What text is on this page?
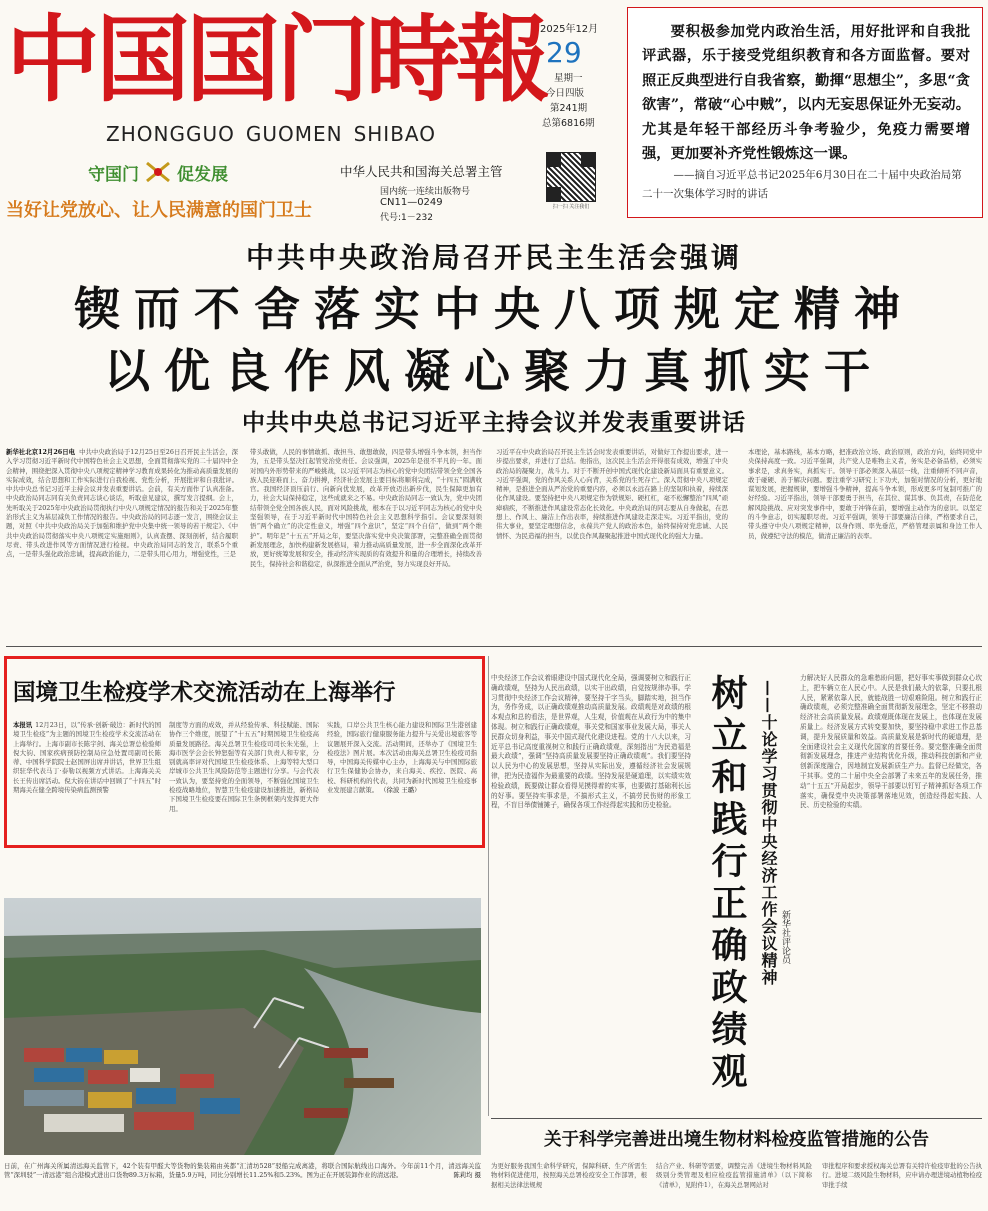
中国国门時報
ZHONGGUO GUOMEN SHIBAO
2025年12月
29
星期一
今日四版
第241期
总第6816期
守国门 促发展
当好让党放心、让人民满意的国门卫士
中华人民共和国海关总署主管
国内统一连续出版物号
CN11—0249
代号:1－232
扫一扫 关注我们
要积极参加党内政治生活，用好批评和自我批评武器，乐于接受党组织教育和各方面监督。要对照正反典型进行自我省察，勤揮“思想尘”，多思“贪欲害”，常破“心中贼”，以内无妄思保证外无妄动。尤其是年轻干部经历斗争考验少，免疫力需要增强，更加要补齐党性锻炼这一课。
——摘自习近平总书记2025年6月30日在二十届中央政治局第二十一次集体学习时的讲话
中共中央政治局召开民主生活会强调
锲而不舍落实中央八项规定精神
以优良作风凝心聚力真抓实干
中共中央总书记习近平主持会议并发表重要讲话
新华社北京12月26日电 中共中央政治局于12月25日至26日召开民主生活会，深入学习贯彻习近平新时代中国特色社会主义思想，全面贯彻落实党的二十届四中全会精神，围绕把深入贯彻中央八项规定精神学习教育成果转化为推动高质量发展的实际成效，结合思想和工作实际进行自我检视、党性分析，开展批评和自我批评。中共中央总书记习近平主持会议并发表重要讲话。会前，有关方面作了认真准备。中央政治局同志同有关负责同志谈心谈话，听取意见建议，撰写发言提纲。会上，先听取关于2025年中央政治局贯彻执行中央八项规定情况的报告和关于2025年整治形式主义为基层减负工作情况的报告。中央政治局的同志逐一发言，围绕会议主题，对照《中共中央政治局关于加强和维护党中央集中统一领导的若干规定》、《中共中央政治局贯彻落实中央八项规定实施细则》，认真查摆、深刻剖析，结合履职尽责、带头改进作风等方面情况进行检视。中央政治局同志的发言，联系5个重点，一是带头强化政治忠诚，提高政治能力，二是带头用心用力，增强党性，三是
带头敢做，人民的事情敢抓、敢担当、敢想敢做，四是带头增强斗争本领，担当作为，五是带头坚决扛起管党治党责任。会议强调，2025年是很不平凡的一年。面对国内外形势带来的严峻挑战，以习近平同志为核心的党中央团结带领全党全国各族人民迎难而上、奋力拼搏，经济社会发展主要目标将顺利完成，“十四五”圆满收官。我国经济顶压前行、向新向优发展，改革开放迈出新步伐，民生保障更加有力，社会大局保持稳定，这些成就来之不易。中央政治局同志一致认为，党中央团结带领全党全国各族人民，面对风险挑战，根本在于以习近平同志为核心的党中央坚强领导，在于习近平新时代中国特色社会主义思想科学指引。会议要深刻领悟“两个确立”的决定性意义，增强“四个意识”，坚定“四个自信”，做到“两个维护”。明年是“十五五”开局之年，要坚决落实党中央决策部署，完整准确全面贯彻新发展理念，加快构建新发展格局，着力推动高质量发展，进一步全面深化改革开放，更好统筹发展和安全，推动经济实现质的有效提升和量的合理增长，持续改善民生，保持社会和谐稳定，纵深推进全面从严治党，努力实现良好开局。
习近平在中央政治局召开民主生活会时发表重要讲话，对做好工作提出要求，进一步提出要求，并进行了总结。他指出，这次民主生活会开得很有成效，增强了中央政治局的凝聚力，战斗力。对于不断开创中国式现代化建设新局面具有重要意义。习近平强调，党的作风关系人心向背，关系党的生死存亡。深入贯彻中央八项规定精神，是推进全面从严治党的重要内容，必须以永远在路上的坚韧和执着，持续深化作风建设。要坚持把中央八项规定作为铁规矩、硬杠杠，毫不松懈整治“四风”顽瘴痼疾，不断推进作风建设常态化长效化。中央政治局的同志要从自身做起，在思想上、作风上、廉洁上作出表率，持续推进作风建设走深走实。习近平指出，党的伟大事业，要坚定理想信念，永葆共产党人的政治本色，始终保持对党忠诚、人民情怀、为民造福的担当，以优良作风凝聚起推进中国式现代化的强大力量。
本理论，基本路线，基本方略，把准政治立场、政治原则，政治方向，始终同党中央保持高度一致。习近平强调，共产党人是唯物主义者，务实是必备品格，必须实事求是，求真务实，真抓实干。领导干部必须深入基层一线，注重倾听不同声音，敢于碰硬、善于解决问题。要注重学习研究上下功夫，加强对情况的分析，更好地谋划发展，把握规律，要增强斗争精神，提高斗争本领，形成更多可复制可推广的好经验。习近平指出，领导干部要勇于担当，在其位、谋其事、负其责，在防范化解风险挑战、应对突发事件中，要敢于冲锋在前，要增强主动作为的意识。以坚定的斗争意志，切实履职尽责。习近平强调，领导干部要廉洁自律，严格要求自己，带头遵守中央八项规定精神，以身作则、率先垂范，严格管理亲属和身边工作人员，做遵纪守法的模范，做清正廉洁的表率。
国境卫生检疫学术交流活动在上海举行
本报讯 12月23日，以“传承·创新·破边：新时代的国境卫生检疫”为主题的国境卫生检疫学术交流活动在上海举行。上海市副市长陈宇剑、海关总署总检验师倪大钧、国家疾病预防控制局应急处置司副司长陈蒂、中国科学院院士赵国屏出席并讲话，世界卫生组织驻华代表马丁·泰勒以视频方式讲话。上海海关关长王传出席活动。倪大钧在讲话中回顾了“十四五”时期海关在健全跨境传染病监测预警
制度等方面的成效，并从经验传承、科技赋能、国际协作三个维度，展望了“十五五”时期国境卫生检疫高质量发展路径。海关总署卫生检疫司司长朱光强，上海市医学会会长钟恕强等有关部门负责人和专家，分别就高率评对代国境卫生检疫体系、上海等特大型口岸城市公共卫生风险防范等主题进行分享。与会代表一致认为，要坚持党的全面领导，不断强化国境卫生检疫战略地位，智慧卫生检疫建设加速推进，新格局下国境卫生检疫要在国际卫生条例框架内发挥更大作用。
实践，口岸公共卫生核心能力建设和国际卫生港创建经验，国际旅行健康服务能力提升与关爱出境旅客等议题展开深入交流。活动期间，还举办了《国境卫生检疫法》图片展。本次活动由海关总署卫生检疫司指导，中国海关传媒中心主办，上海海关与中国国际旅行卫生保健协会协办，来自海关、疾控、医院、高校、科研机构的代表，共同为新时代国境卫生检疫事业发展建言献策。 （徐波 王璐）
日前，在广州海关所属清远海关监管下，42个装有甲醛大等货物的集装箱由英都“汇清坊528”驳船完成离港，将联合国际航线出口海外。今年前11个月，清远海关监管“深圳驳”一清远港“组合港模式进出口货物89.3万标箱，货量5.9万吨，同比分别增长11.25%和5.23%。图为正在开展装卸作业的清远港。	陈莉均 摄
树立和践行正确政绩观 ——十论学习贯彻中央经济工作会议精神 新华社评论员
中央经济工作会议着眼建设中国式现代化全局，强调要树立和践行正确政绩观，坚持为人民出政绩，以实干出政绩，自觉按规律办事。学习贯彻中央经济工作会议精神，要坚持干字当头，脚踏实地，担当作为，务作务成，以正确政绩观推动高质量发展。政绩观是对政绩的根本观点和总的看法，是世界观，人生观，价值观在从政行为中的集中体现。树立和践行正确政绩观，事关党和国家事业发展大局，事关人民群众切身利益，事关中国式现代化建设进程。党的十八大以来，习近平总书记高度重视树立和践行正确政绩观，深刻指出“为民造福是最大政绩”，强调“坚持高质量发展要坚持正确政绩观”。我们要坚持以人民为中心的发展思想，坚持从实际出发，遵循经济社会发展规律，把为民造福作为最重要的政绩。坚持发展是硬道理，以实绩实效检验政绩，既要做让群众看得见摸得着的实事，也要做打基础利长远的好事。要坚持实事求是，不搞形式主义，不搞劳民伤财的形象工程，不盲目举债铺摊子，确保各项工作经得起实践和历史检验。
力解决好人民群众的急难愁盼问题，把好事实事做到群众心坎上，把车辆立在人民心中。人民是我们最大的依靠，只要扎根人民，紧紧依靠人民，就能战胜一切艰难险阻。树立和践行正确政绩观，必须完整准确全面贯彻新发展理念，坚定不移推动经济社会高质量发展。政绩观既体现在发展上，也体现在发展质量上。经济发展方式转变要加快，要坚持稳中求进工作总基调，提升发展质量和效益。高质量发展是新时代的硬道理，是全面建设社会主义现代化国家的首要任务。要完整准确全面贯彻新发展理念，推进产业结构优化升级，推动科技创新和产业创新深度融合，因地制宜发展新质生产力。监督已经做完，各干其事。党的二十届中央全会部署了未来五年的发展任务，推动“十五五”开局起步，领导干部要以钉钉子精神抓好各项工作落实，确保党中央决策部署落地见效，创造经得起实践、人民、历史检验的实绩。
关于科学完善进出境生物材料检疫监管措施的公告
为更好服务我国生命科学研究，保障科研、生产所需生物材料促进使用，按照海关总署检疫安全工作部署，根据相关法律法规规
结合产业、科研等需要，调整完善《进境生物材料风险级别分类管理及相应检疫监管措施清单》（以下简称《清单》，见附件1），在海关总署网站对
审批程序和要求授权海关总署有关特许检疫审批的公告执行。进境二级风险生物材料，应申请办理进境动植物检疫审批手续
